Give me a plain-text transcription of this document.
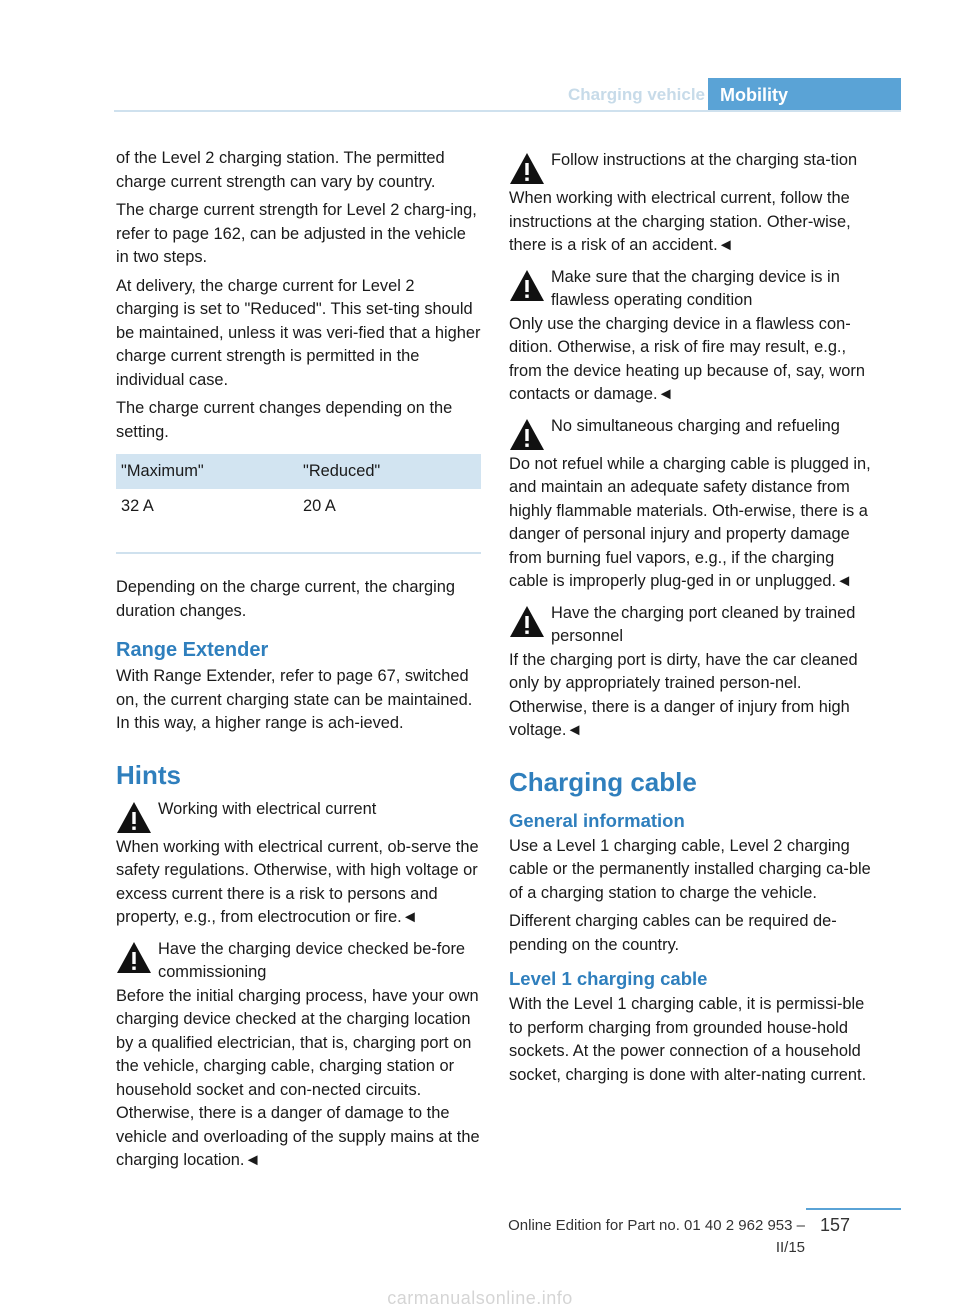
Charging vehicle Mobility

of the Level 2 charging station. The permitted charge current strength can vary by country.

The charge current strength for Level 2 charg‐ing, refer to page 162, can be adjusted in the vehicle in two steps.

At delivery, the charge current for Level 2 charging is set to "Reduced". This set‐ting should be maintained, unless it was veri‐fied that a higher charge current strength is permitted in the individual case.

The charge current changes depending on the setting.

"Maximum"	"Reduced"
32 A	20 A

Depending on the charge current, the charging duration changes.

Range Extender

With Range Extender, refer to page 67, switched on, the current charging state can be maintained. In this way, a higher range is ach‐ieved.

Hints
Working with electrical current

When working with electrical current, ob‐serve the safety regulations. Otherwise, with high voltage or excess current there is a risk to persons and property, e.g., from electrocution or fire.◄

Have the charging device checked be‐fore commissioning

Before the initial charging process, have your own charging device checked at the charging location by a qualified electrician, that is, charging port on the vehicle, charging cable, charging station or household socket and con‐nected circuits. Otherwise, there is a danger of damage to the vehicle and overloading of the supply mains at the charging location.◄

Follow instructions at the charging sta‐tion

When working with electrical current, follow the instructions at the charging station. Other‐wise, there is a risk of an accident.◄

Make sure that the charging device is in flawless operating condition

Only use the charging device in a flawless con‐dition. Otherwise, a risk of fire may result, e.g., from the device heating up because of, say, worn contacts or damage.◄

No simultaneous charging and refueling

Do not refuel while a charging cable is plugged in, and maintain an adequate safety distance from highly flammable materials. Oth‐erwise, there is a danger of personal injury and property damage from burning fuel vapors, e.g., if the charging cable is improperly plug‐ged in or unplugged.◄

Have the charging port cleaned by trained personnel

If the charging port is dirty, have the car cleaned only by appropriately trained person‐nel. Otherwise, there is a danger of injury from high voltage.◄

Charging cable
General information

Use a Level 1 charging cable, Level 2 charging cable or the permanently installed charging ca‐ble of a charging station to charge the vehicle.

Different charging cables can be required de‐pending on the country.

Level 1 charging cable

With the Level 1 charging cable, it is permissi‐ble to perform charging from grounded house‐hold sockets. At the power connection of a household socket, charging is done with alter‐nating current.

Online Edition for Part no. 01 40 2 962 953 – II/15
157
carmanualsonline.info
